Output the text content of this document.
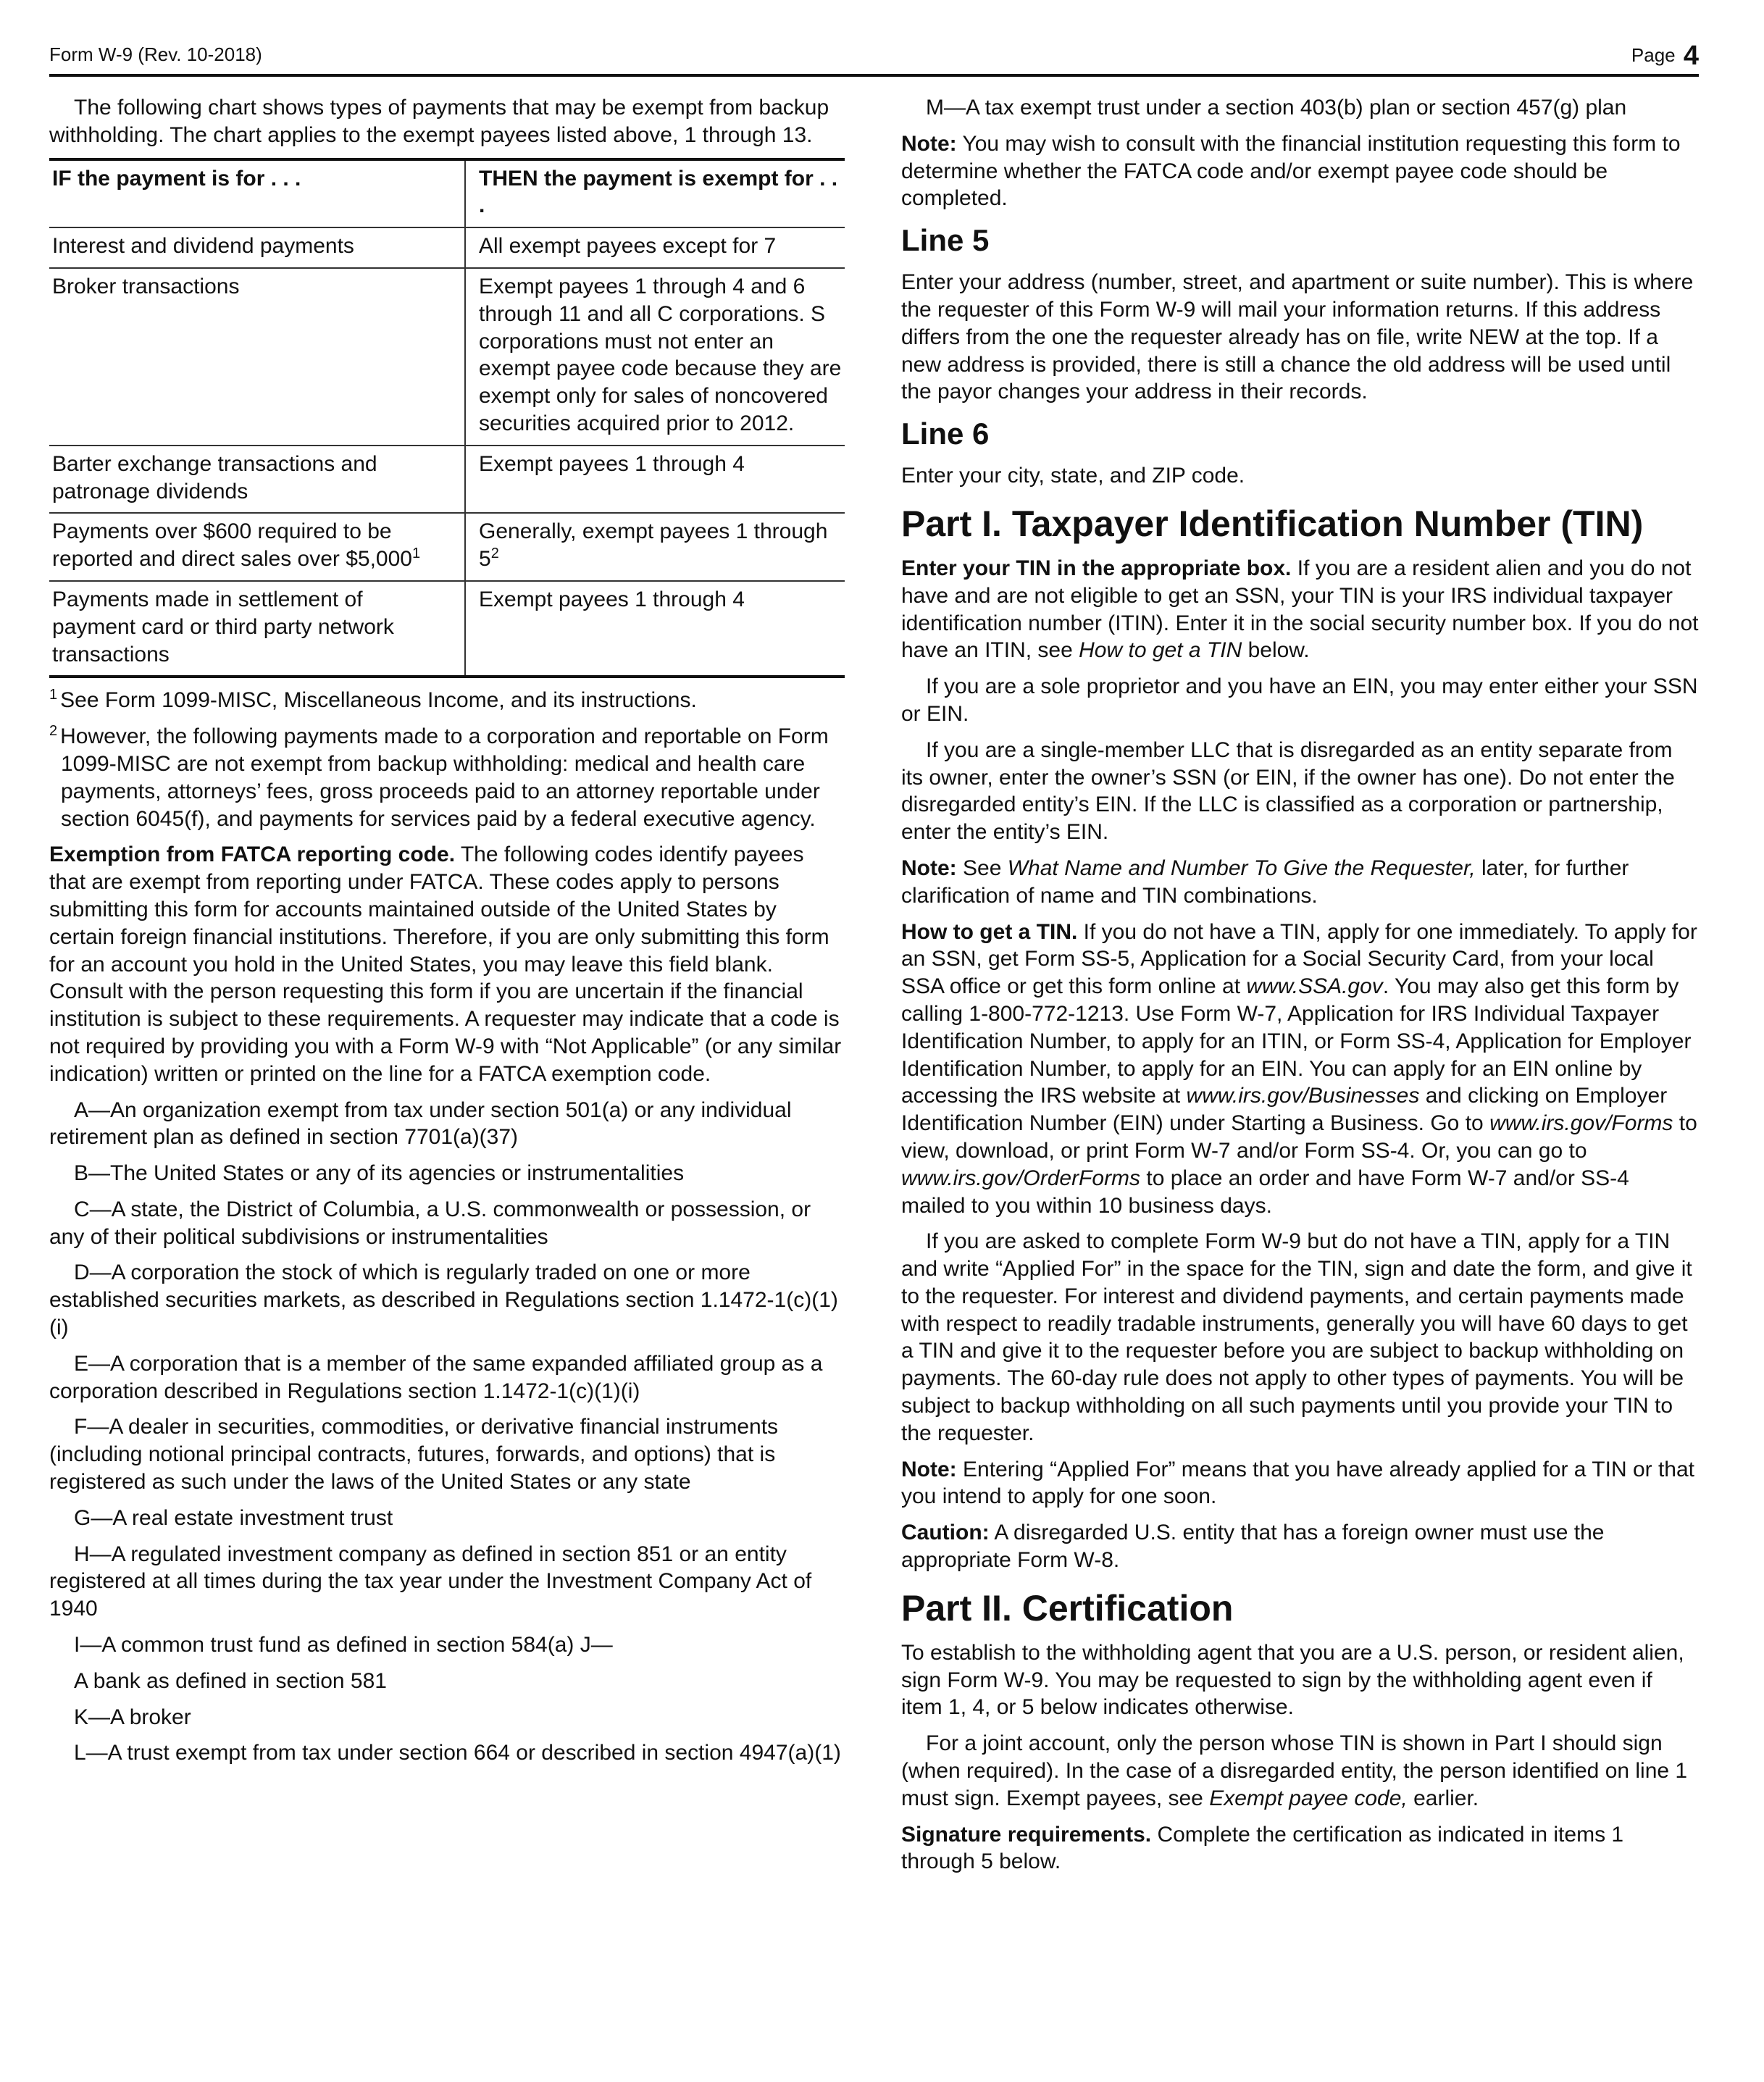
Form W-9 (Rev. 10-2018)	Page 4

The following chart shows types of payments that may be exempt from backup withholding. The chart applies to the exempt payees listed above, 1 through 13.

IF the payment is for . . .	THEN the payment is exempt for . . .
Interest and dividend payments	All exempt payees except for 7
Broker transactions	Exempt payees 1 through 4 and 6 through 11 and all C corporations. S corporations must not enter an exempt payee code because they are exempt only for sales of noncovered securities acquired prior to 2012.
Barter exchange transactions and patronage dividends	Exempt payees 1 through 4
Payments over $600 required to be reported and direct sales over $5,000$^1$	Generally, exempt payees 1 through $5^2$
Payments made in settlement of payment card or third party network transactions	Exempt payees 1 through 4

$^1$ See Form 1099-MISC, Miscellaneous Income, and its instructions.

$^2$ However, the following payments made to a corporation and reportable on Form 1099-MISC are not exempt from backup withholding: medical and health care payments, attorneys’ fees, gross proceeds paid to an attorney reportable under section 6045(f), and payments for services paid by a federal executive agency.

Exemption from FATCA reporting code. The following codes identify payees that are exempt from reporting under FATCA. These codes apply to persons submitting this form for accounts maintained outside of the United States by certain foreign financial institutions. Therefore, if you are only submitting this form for an account you hold in the United States, you may leave this field blank. Consult with the person requesting this form if you are uncertain if the financial institution is subject to these requirements. A requester may indicate that a code is not required by providing you with a Form W-9 with “Not Applicable” (or any similar indication) written or printed on the line for a FATCA exemption code.

A—An organization exempt from tax under section 501(a) or any individual retirement plan as defined in section 7701(a)(37)

B—The United States or any of its agencies or instrumentalities

C—A state, the District of Columbia, a U.S. commonwealth or possession, or any of their political subdivisions or instrumentalities

D—A corporation the stock of which is regularly traded on one or more established securities markets, as described in Regulations section 1.1472-1(c)(1)(i)

E—A corporation that is a member of the same expanded affiliated group as a corporation described in Regulations section 1.1472-1(c)(1)(i)

F—A dealer in securities, commodities, or derivative financial instruments (including notional principal contracts, futures, forwards, and options) that is registered as such under the laws of the United States or any state

G—A real estate investment trust

H—A regulated investment company as defined in section 851 or an entity registered at all times during the tax year under the Investment Company Act of 1940

I—A common trust fund as defined in section 584(a) J—

A bank as defined in section 581

K—A broker

L—A trust exempt from tax under section 664 or described in section 4947(a)(1)

M—A tax exempt trust under a section 403(b) plan or section 457(g) plan

Note: You may wish to consult with the financial institution requesting this form to determine whether the FATCA code and/or exempt payee code should be completed.

Line 5

Enter your address (number, street, and apartment or suite number). This is where the requester of this Form W-9 will mail your information returns. If this address differs from the one the requester already has on file, write NEW at the top. If a new address is provided, there is still a chance the old address will be used until the payor changes your address in their records.

Line 6

Enter your city, state, and ZIP code.

Part I. Taxpayer Identification Number (TIN)

Enter your TIN in the appropriate box. If you are a resident alien and you do not have and are not eligible to get an SSN, your TIN is your IRS individual taxpayer identification number (ITIN). Enter it in the social security number box. If you do not have an ITIN, see How to get a TIN below.

If you are a sole proprietor and you have an EIN, you may enter either your SSN or EIN.

If you are a single-member LLC that is disregarded as an entity separate from its owner, enter the owner’s SSN (or EIN, if the owner has one). Do not enter the disregarded entity’s EIN. If the LLC is classified as a corporation or partnership, enter the entity’s EIN.

Note: See What Name and Number To Give the Requester, later, for further clarification of name and TIN combinations.

How to get a TIN. If you do not have a TIN, apply for one immediately. To apply for an SSN, get Form SS-5, Application for a Social Security Card, from your local SSA office or get this form online at www.SSA.gov. You may also get this form by calling 1-800-772-1213. Use Form W-7, Application for IRS Individual Taxpayer Identification Number, to apply for an ITIN, or Form SS-4, Application for Employer Identification Number, to apply for an EIN. You can apply for an EIN online by accessing the IRS website at www.irs.gov/Businesses and clicking on Employer Identification Number (EIN) under Starting a Business. Go to www.irs.gov/Forms to view, download, or print Form W-7 and/or Form SS-4. Or, you can go to www.irs.gov/OrderForms to place an order and have Form W-7 and/or SS-4 mailed to you within 10 business days.

If you are asked to complete Form W-9 but do not have a TIN, apply for a TIN and write “Applied For” in the space for the TIN, sign and date the form, and give it to the requester. For interest and dividend payments, and certain payments made with respect to readily tradable instruments, generally you will have 60 days to get a TIN and give it to the requester before you are subject to backup withholding on payments. The 60-day rule does not apply to other types of payments. You will be subject to backup withholding on all such payments until you provide your TIN to the requester.

Note: Entering “Applied For” means that you have already applied for a TIN or that you intend to apply for one soon.

Caution: A disregarded U.S. entity that has a foreign owner must use the appropriate Form W-8.

Part II. Certification

To establish to the withholding agent that you are a U.S. person, or resident alien, sign Form W-9. You may be requested to sign by the withholding agent even if item 1, 4, or 5 below indicates otherwise.

For a joint account, only the person whose TIN is shown in Part I should sign (when required). In the case of a disregarded entity, the person identified on line 1 must sign. Exempt payees, see Exempt payee code, earlier.

Signature requirements. Complete the certification as indicated in items 1 through 5 below.
